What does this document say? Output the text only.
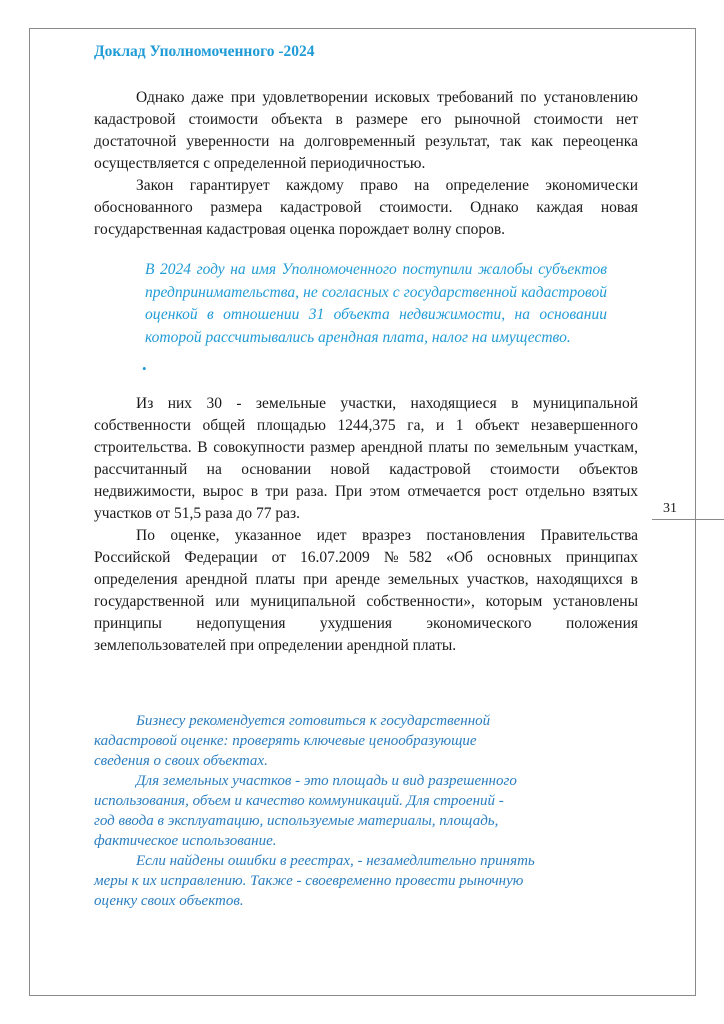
Доклад Уполномоченного -2024

Однако даже при удовлетворении исковых требований по установлению кадастровой стоимости объекта в размере его рыночной стоимости нет достаточной уверенности на долговременный результат, так как переоценка осуществляется с определенной периодичностью.

Закон гарантирует каждому право на определение экономически обоснованного размера кадастровой стоимости. Однако каждая новая государственная кадастровая оценка порождает волну споров.

В 2024 году на имя Уполномоченного поступили жалобы субъектов предпринимательства, не согласных с государственной кадастровой оценкой в отношении 31 объекта недвижимости, на основании которой рассчитывались арендная плата, налог на имущество.

•

Из них 30 - земельные участки, находящиеся в муниципальной собственности общей площадью 1244,375 га, и 1 объект незавершенного строительства. В совокупности размер арендной платы по земельным участкам, рассчитанный на основании новой кадастровой стоимости объектов недвижимости, вырос в три раза. При этом отмечается рост отдельно взятых участков от 51,5 раза до 77 раз.

По оценке, указанное идет вразрез постановления Правительства Российской Федерации от 16.07.2009 №582 «Об основных принципах определения арендной платы при аренде земельных участков, находящихся в государственной или муниципальной собственности», которым установлены принципы недопущения ухудшения экономического положения землепользователей при определении арендной платы.

31

Бизнесу рекомендуется готовиться к государственной
кадастровой оценке: проверять ключевые ценообразующие
сведения о своих объектах.

Для земельных участков - это площадь и вид разрешенного
использования, объем и качество коммуникаций. Для строений -
год ввода в эксплуатацию, используемые материалы, площадь,
фактическое использование.

Если найдены ошибки в реестрах, - незамедлительно принять
меры к их исправлению. Также - своевременно провести рыночную
оценку своих объектов.
